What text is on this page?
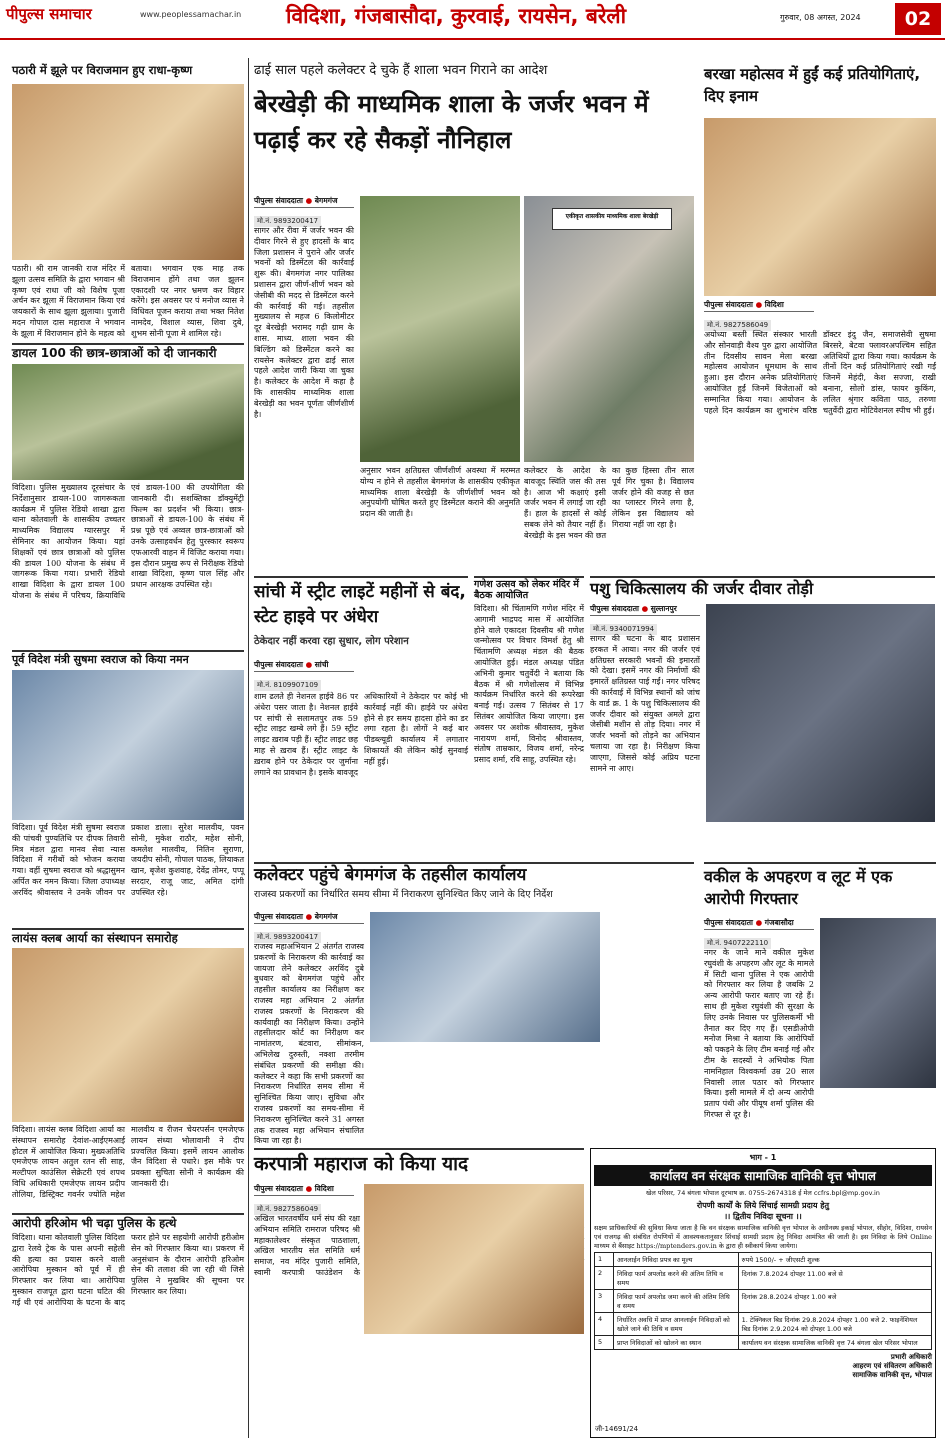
पीपुल्स समाचार	www.peoplessamachar.in विदिशा, गंजबासौदा, कुरवाई, रायसेन, बरेली	गुरुवार, 08 अगस्त, 2024	02
पठारी में झूले पर विराजमान हुए राधा-कृष्ण
पठारी। श्री राम जानकी राज मंदिर में झूला उत्सव समिति के द्वारा भगवान श्री कृष्ण एवं राधा जी को विशेष पूजा अर्चन कर झूला में विराजमान किया एवं जयकारों के साथ झूला झुलाया। पुजारी मदन गोपाल दास महाराज ने भगवान के झूला में विराजमान होने के महत्व को बताया। भगवान एक माह तक विराजमान होंगे तथा जल झूलन एकादशी पर नगर भ्रमण कर विहार करेंगे। इस अवसर पर पं मनोज व्यास ने विधिवत पूजन कराया तथा भक्त नितेश नामदेव, विशाल व्यास, शिवा दुबे, शुभम सोनी पूजा मे शामिल रहे।
डायल 100 की छात्र-छात्राओं को दी जानकारी
विदिशा। पुलिस मुख्यालय दूरसंचार के निर्देशानुसार डायल-100 जागरूकता कार्यक्रम में पुलिस रेडियो शाखा द्वारा थाना कोतवाली के शासकीय उच्चतर माध्यमिक विद्यालय ग्यारसपुर में सेमिनार का आयोजन किया। यहां शिक्षकों एवं छात्र छात्राओं को पुलिस की डायल 100 योजना के संबंध में जागरूक किया गया। प्रभारी रेडियो शाखा विदिशा के द्वारा डायल 100 योजना के संबंध में परिचय, क्रियाविधि एवं डायल-100 की उपयोगिता की जानकारी दी। सशक्तिका डॉक्युमेंट्री फिल्म का प्रदर्शन भी किया। छात्र-छात्राओं से डायल-100 के संबंध में प्रश्न पूछे एवं अव्वल छात्र-छात्राओं को उनके उत्साहवर्धन हेतु पुरस्कार स्वरूप एफआरवी वाहन में विजिट कराया गया। इस दौरान प्रमुख रूप से निरीक्षक रेडियो शाखा विदिशा, कृष्ण पाल सिंह और प्रधान आरक्षक उपस्थित रहे।
पूर्व विदेश मंत्री सुषमा स्वराज को किया नमन
विदिशा। पूर्व विदेश मंत्री सुषमा स्वराज की पांचवी पुण्यतिथि पर दीपक तिवारी मित्र मंडल द्वारा मानव सेवा न्यास विदिशा में गरीबों को भोजन कराया गया। वहीं सुषमा स्वराज को श्रद्धासुमन अर्पित कर नमन किया। जिला उपाध्यक्ष अरविंद श्रीवास्तव ने उनके जीवन पर प्रकाश डाला। सुरेश मालवीय, पवन सोनी, मुकेश राठौर, महेश सोनी, कमलेश मालवीय, नितिन सुराणा, जयदीप सोनी, गोपाल पाठक, लियाकत खान, बृजेश कुशवाह, देवेंद्र तोमर, पप्पू सरदार, राजू जाट, अमित दांगी उपस्थित रहे।
लायंस क्लब आर्या का संस्थापन समारोह
विदिशा। लायंस क्लब विदिशा आर्या का संस्थापन समारोह देवांश-आईएमआई होटल में आयोजित किया। मुख्यअतिथि एमजेएफ लायन अतुल रतन सी साह, मल्टीपल काउंसिल सेक्रेटरी एवं शपथ विधि अधिकारी एमजेएफ लायन प्रदीप तोलिया, डिस्ट्रिक्ट गवर्नर ज्योति महेश मालवीय व रीजन चेयरपर्सन एमजेएफ लायन संध्या भोलावानी ने दीप प्रज्वलित किया। इसमें लायन आलोक जैन विदिशा से पधारे। इस मौके पर प्रवक्ता सुचिता सोनी ने कार्यक्रम की जानकारी दी।
आरोपी हरिओम भी चढ़ा पुलिस के हत्थे
विदिशा। थाना कोतवाली पुलिस विदिशा द्वारा रेलवे ट्रेक के पास अपनी सहेली की हत्या का प्रयास करने वाली आरोपिया मुस्कान को पूर्व में ही गिरफ्तार कर लिया था। आरोपिया मुस्कान राजपूत द्वारा घटना घटित की गई थी एवं आरोपिया के घटना के बाद फरार होने पर सहयोगी आरोपी हरीओम सेन को गिरफ्तार किया था। प्रकरण में अनुसंधान के दौरान आरोपी हरिओम सेन की तलाश की जा रही थी जिसे पुलिस ने मुखबिर की सूचना पर गिरफ्तार कर लिया।
ढाई साल पहले कलेक्टर दे चुके हैं शाला भवन गिराने का आदेश
बेरखेड़ी की माध्यमिक शाला के जर्जर भवन में पढ़ाई कर रहे सैकड़ों नौनिहाल
पीपुल्स संवाददाता ● बेगमगंज
मो.नं. 9893200417
सागर और रीवा में जर्जर भवन की दीवार गिरने से हुए हादसों के बाद जिला प्रशासन ने पुराने और जर्जर भवनों को डिस्मेंटल की कार्रवाई शुरू की। बेगमगंज नगर पालिका प्रशासन द्वारा जीर्ण-शीर्ण भवन को जेसीबी की मदद से डिस्मेंटल करने की कार्रवाई की गई। तहसील मुख्यालय से महज 6 किलोमीटर दूर बेरखेड़ी भरामद गढ़ी ग्राम के शास. माध्य. शाला भवन की बिल्डिंग को डिस्मेंटल करने का रायसेन कलेक्टर द्वारा ढाई साल पहले आदेश जारी किया जा चुका है। कलेक्टर के आदेश में कहा है कि शासकीय माध्यमिक शाला बेरखेड़ी का भवन पूर्णतः जीर्णशीर्ण है।
अनुसार भवन क्षतिग्रस्त जीर्णशीर्ण अवस्था में मरम्मत योग्य न होने से तहसील बेगमगंज के शासकीय एकीकृत माध्यमिक शाला बेरखेड़ी के जीर्णशीर्ण भवन को अनुपयोगी घोषित करते हुए डिस्मेंटल कराने की अनुमति प्रदान की जाती है।
एकीकृत शासकीय माध्यमिक शाला बेरखेड़ी
कलेक्टर के आदेश के बावजूद स्थिति जस की तस है। आज भी कक्षाएं इसी जर्जर भवन में लगाई जा रही हैं। हाल के हादसों से कोई सबक लेने को तैयार नहीं हैं। बेरखेड़ी के इस भवन की छत का कुछ हिस्सा तीन साल पूर्व गिर चुका है। विद्यालय जर्जर होने की वजह से छत का प्लास्टर गिरने लगा है, लेकिन इस विद्यालय को गिराया नहीं जा रहा है।
सांची में स्ट्रीट लाइटें महीनों से बंद, स्टेट हाइवे पर अंधेरा
ठेकेदार नहीं करवा रहा सुधार, लोग परेशान
पीपुल्स संवाददाता ● सांची
मो.नं. 8109907109
शाम ढलते ही नेशनल हाईवे 86 पर अंधेरा पसर जाता है। नेशनल हाईवे पर सांची से सलामतपुर तक 59 स्ट्रीट लाइट खम्बे लगे हैं। 59 स्ट्रीट लाइट ख़राब पड़ी हैं। स्ट्रीट लाइट छह माह से ख़राब हैं। स्ट्रीट लाइट के ख़राब होने पर ठेकेदार पर जुर्माना लगाने का प्रावधान है। इसके बावजूद अधिकारियों ने ठेकेदार पर कोई भी कार्रवाई नहीं की। हाईवे पर अंधेरा होने से हर समय हादसा होने का डर लगा रहता है। लोगों ने कई बार पीडब्ल्यूडी कार्यालय में लगातार शिकायतें की लेकिन कोई सुनवाई नहीं हुई।
गणेश उत्सव को लेकर मंदिर में बैठक आयोजित
विदिशा। श्री चिंतामणि गणेश मंदिर में आगामी भाद्रपद मास में आयोजित होने वाले एकादश दिवसीय श्री गणेश जन्मोत्सव पर विचार विमर्श हेतु श्री चिंतामणि अध्यक्ष मंडल की बैठक आयोजित हुई। मंडल अध्यक्ष पंडित अभिनी कुमार चतुर्वेदी ने बताया कि बैठक में श्री गणेशोत्सव में विभिन्न कार्यक्रम निर्धारित करने की रूपरेखा बनाई गई। उत्सव 7 सितंबर से 17 सितंबर आयोजित किया जाएगा। इस अवसर पर अशोक श्रीवास्तव, मुकेश नारायण शर्मा, विनोद श्रीवास्तव, संतोष ताम्रकार, विजय शर्मा, नरेन्द्र प्रसाद शर्मा, रवि साहू, उपस्थित रहे।
पशु चिकित्सालय की जर्जर दीवार तोड़ी
पीपुल्स संवाददाता ● सुल्तानपुर
मो.नं. 9340071994
सागर की घटना के बाद प्रशासन हरकत में आया। नगर की जर्जर एवं क्षतिग्रस्त सरकारी भवनों की इमारतों को देखा। इसमें नगर की निर्माणों की इमारतें क्षतिग्रस्त पाई गईं। नगर परिषद की कार्रवाई में विभिन्न स्थानों को जांच के वार्ड क्र. 1 के पशु चिकित्सालय की जर्जर दीवार को संयुक्त अमले द्वारा जेसीबी मशीन से तोड़ दिया। नगर में जर्जर भवनों को तोड़ने का अभियान चलाया जा रहा है। निरीक्षण किया जाएगा, जिससे कोई अप्रिय घटना सामने ना आए।
कलेक्टर पहुंचे बेगमगंज के तहसील कार्यालय
राजस्व प्रकरणों का निर्धारित समय सीमा में निराकरण सुनिश्चित किए जाने के दिए निर्देश
पीपुल्स संवाददाता ● बेगमगंज
मो.नं. 9893200417
राजस्व महाअभियान 2 अंतर्गत राजस्व प्रकरणों के निराकरण की कार्रवाई का जायजा लेने कलेक्टर अरविंद दुबे बुधवार को बेगमगंज पहुंचे और तहसील कार्यालय का निरीक्षण कर राजस्व महा अभियान 2 अंतर्गत राजस्व प्रकरणों के निराकरण की कार्यवाही का निरीक्षण किया। उन्होंने तहसीलदार कोर्ट का निरीक्षण कर नामांतरण, बंटवारा, सीमांकन, अभिलेख दुरुस्ती, नक्शा तरमीम संबंधित प्रकरणों की समीक्षा की। कलेक्टर ने कहा कि सभी प्रकरणों का निराकरण निर्धारित समय सीमा में सुनिश्चित किया जाए। सुविधा और राजस्व प्रकरणों का समय-सीमा में निराकरण सुनिश्चित करने 31 अगस्त तक राजस्व महा अभियान संचालित किया जा रहा है।
बरखा महोत्सव में हुईं कई प्रतियोगिताएं, दिए इनाम
पीपुल्स संवाददाता ● विदिशा
मो.नं. 9827586049
अयोध्या बस्ती स्थित संस्कार भारती और सोनवाड़ी वैश्य पुरु द्वारा आयोजित तीन दिवसीय सावन मेला बरखा महोत्सव आयोजन धूमधाम के साथ हुआ। इस दौरान अनेक प्रतियोगिताएं आयोजित हुईं जिनमें विजेताओं को सम्मानित किया गया। आयोजन के पहले दिन कार्यक्रम का शुभारंभ वरिष्ठ डॉक्टर इंदु जैन, समाजसेवी सुषमा बिरसरे, बेटवा फ्लावरअपश्चिम सहित अतिथियों द्वारा किया गया। कार्यक्रम के तीनों दिन कई प्रतियोगिताएं रखी गईं जिनमें मेहंदी, केश सज्जा, राखी बनाना, सोलो डांस, फायर कुकिंग, ललित श्रृंगार कविता पाठ, तरुणा चतुर्वेदी द्वारा मोटिवेशनल स्पीच भी हुई।
वकील के अपहरण व लूट में एक आरोपी गिरफ्तार
पीपुल्स संवाददाता ● गंजबासौदा
मो.नं. 9407222110
नगर के जाने माने वकील मुकेश रघुवंशी के अपहरण और लूट के मामले में सिटी थाना पुलिस ने एक आरोपी को गिरफ्तार कर लिया है जबकि 2 अन्य आरोपी फरार बताए जा रहे हैं। साथ ही मुकेश रघुवंशी की सुरक्षा के लिए उनके निवास पर पुलिसकर्मी भी तैनात कर दिए गए हैं। एसडीओपी मनोज मिश्रा ने बताया कि आरोपियों को पकड़ने के लिए टीम बनाई गई और टीम के सदस्यों ने अभियोक पिता नामनिहाल विश्वकर्मा उम्र 20 साल निवासी लाल पठार को गिरफ्तार किया। इसी मामले में दो अन्य आरोपी प्रताप पंथी और पीयूष शर्मा पुलिस की गिरफ्त से दूर है।
करपात्री महाराज को किया याद
पीपुल्स संवाददाता ● विदिशा
मो.नं. 9827586049
अखिल भारतवर्षीय धर्म संघ की रक्षा अभियान समिति रामराज परिषद श्री महाकालेश्वर संस्कृत पाठशाला, अखिल भारतीय संत समिति धर्म समाज, नव मंदिर पुजारी समिति, स्वामी करपात्री फाउंडेशन के
भाग - 1
कार्यालय वन संरक्षक सामाजिक वानिकी वृत्त भोपाल
खेल परिसर, 74 बंगला भोपाल दूरभाष क्र. 0755-2674318 ई मेल ccfrs.bpl@mp.gov.in
रोपणी कार्यों के लिये सिंचाई सामग्री प्रदाय हेतु
।। द्वितीय निविदा सूचना ।।
सक्षम प्राधिकारियों की सुविधा किया जाता है कि वन संरक्षक सामाजिक वानिकी वृत्त भोपाल के अधीनस्थ इकाई भोपाल, सीहोर, विदिशा, रायसेन एवं राजगढ़ की संबंधित रोपणियों में आवश्यकतानुसार सिंचाई सामग्री प्रदाय हेतु निविदा आमंत्रित की जाती है। इस निविदा के लिये Online माध्यम से बैंसाइट https://mptenders.gov.in के द्वारा ही स्वीकार्य किया जायेगा।
1	आनलाईन निविदा प्रपत्र का मूल्य	रुपये 1500/- + जीएसटी शुल्क
2	निविदा फार्म अपलोड करने की अंतिम तिथि व समय	दिनांक 7.8.2024 दोपहर 11.00 बजे से
3	निविदा फार्म अपलोड जमा करने की अंतिम तिथि व समय	दिनांक 28.8.2024 दोपहर 1.00 बजे
4	निर्धारित अवधि में प्राप्त आनलाईन निविदाओं को खोले जाने की तिथि व समय	1. टेक्निकल बिड दिनांक 29.8.2024 दोपहर 1.00 बजे 2. फाइनेंशियल बिड दिनांक 2.9.2024 को दोपहर 1.00 बजे
5	प्राप्त निविदाओं को खोलने का स्थान	कार्यालय वन संरक्षक सामाजिक वानिकी वृत्त 74 बंगला खेल परिसर भोपाल
प्रभारी अधिकारी
आहरण एवं संवितरण अधिकारी
सामाजिक वानिकी वृत्त, भोपाल
जी-14691/24
